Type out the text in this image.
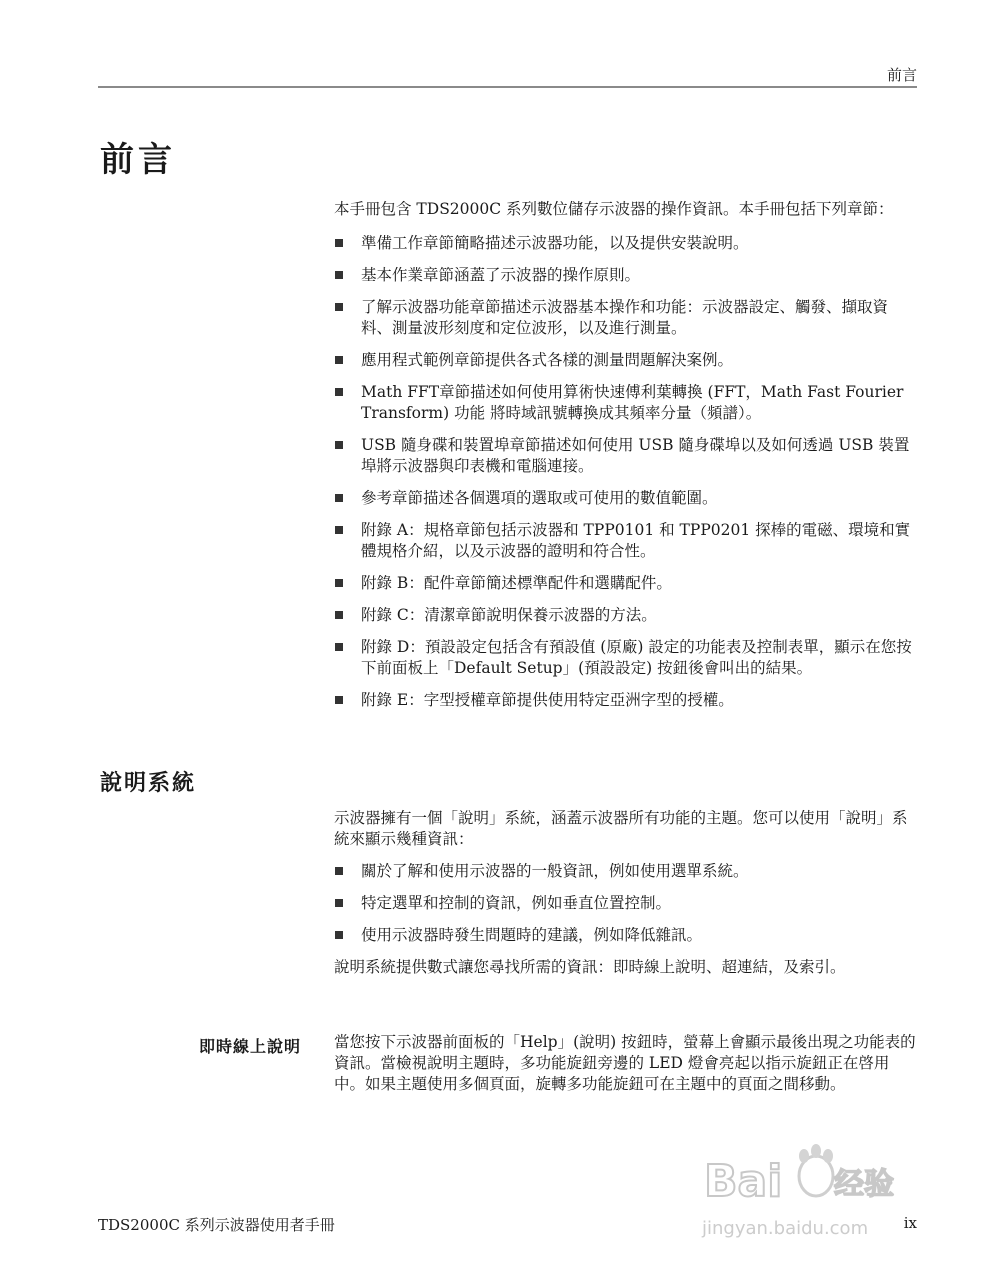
前言
前言

本手冊包含 TDS2000C 系列數位儲存示波器的操作資訊。本手冊包括下列章節：

準備工作章節簡略描述示波器功能，以及提供安裝說明。
基本作業章節涵蓋了示波器的操作原則。
了解示波器功能章節描述示波器基本操作和功能：示波器設定、觸發、擷取資料、測量波形刻度和定位波形，以及進行測量。
應用程式範例章節提供各式各樣的測量問題解決案例。
Math FFT章節描述如何使用算術快速傅利葉轉換 (FFT，Math Fast Fourier Transform) 功能 將時域訊號轉換成其頻率分量（頻譜）。
USB 隨身碟和裝置埠章節描述如何使用 USB 隨身碟埠以及如何透過 USB 裝置埠將示波器與印表機和電腦連接。
參考章節描述各個選項的選取或可使用的數值範圍。
附錄 A：規格章節包括示波器和 TPP0101 和 TPP0201 探棒的電磁、環境和實體規格介紹，以及示波器的證明和符合性。
附錄 B：配件章節簡述標準配件和選購配件。
附錄 C：清潔章節說明保養示波器的方法。
附錄 D：預設設定包括含有預設值 (原廠) 設定的功能表及控制表單，顯示在您按下前面板上「Default Setup」(預設設定) 按鈕後會叫出的結果。
附錄 E：字型授權章節提供使用特定亞洲字型的授權。
說明系統

示波器擁有一個「說明」系統，涵蓋示波器所有功能的主題。您可以使用「說明」系統來顯示幾種資訊：

關於了解和使用示波器的一般資訊，例如使用選單系統。
特定選單和控制的資訊，例如垂直位置控制。
使用示波器時發生問題時的建議，例如降低雜訊。

說明系統提供數式讓您尋找所需的資訊：即時線上說明、超連結，及索引。

即時線上說明 當您按下示波器前面板的「Help」(說明) 按鈕時，螢幕上會顯示最後出現之功能表的資訊。當檢視說明主題時，多功能旋鈕旁邊的 LED 燈會亮起以指示旋鈕正在啓用中。如果主題使用多個頁面，旋轉多功能旋鈕可在主題中的頁面之間移動。

TDS2000C 系列示波器使用者手冊	ix
Bai 经验
jingyan.baidu.com
